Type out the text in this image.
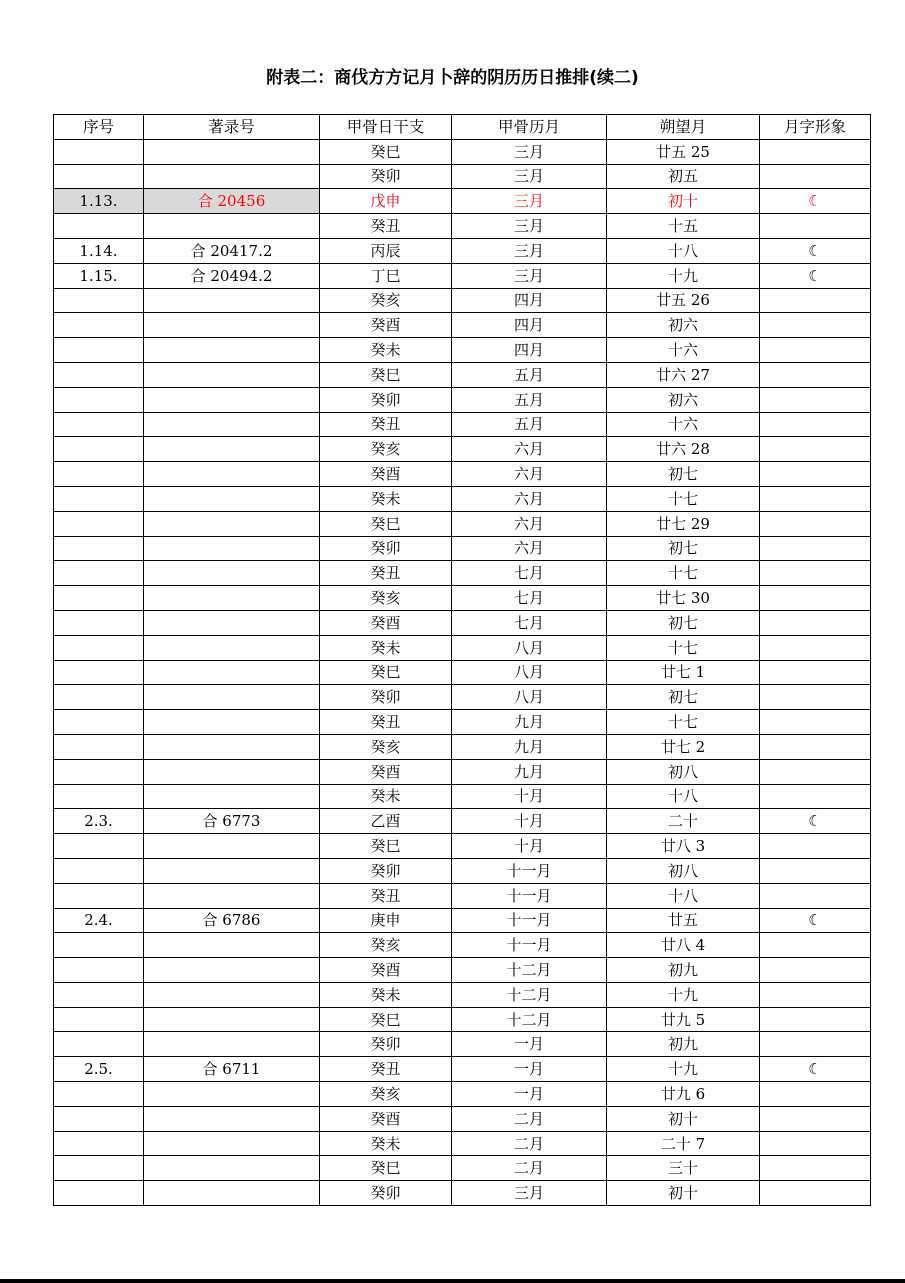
附表二：商伐方方记月卜辞的阴历历日推排(续二)
序号	著录号	甲骨日干支	甲骨历月	朔望月	月字形象
		癸巳	三月	廿五 25	
		癸卯	三月	初五	
1.13.	合 20456	戊申	三月	初十	☾
		癸丑	三月	十五	
1.14.	合 20417.2	丙辰	三月	十八	☾
1.15.	合 20494.2	丁巳	三月	十九	☾
		癸亥	四月	廿五 26	
		癸酉	四月	初六	
		癸未	四月	十六	
		癸巳	五月	廿六 27	
		癸卯	五月	初六	
		癸丑	五月	十六	
		癸亥	六月	廿六 28	
		癸酉	六月	初七	
		癸未	六月	十七	
		癸巳	六月	廿七 29	
		癸卯	六月	初七	
		癸丑	七月	十七	
		癸亥	七月	廿七 30	
		癸酉	七月	初七	
		癸未	八月	十七	
		癸巳	八月	廿七 1	
		癸卯	八月	初七	
		癸丑	九月	十七	
		癸亥	九月	廿七 2	
		癸酉	九月	初八	
		癸未	十月	十八	
2.3.	合 6773	乙酉	十月	二十	☾
		癸巳	十月	廿八 3	
		癸卯	十一月	初八	
		癸丑	十一月	十八	
2.4.	合 6786	庚申	十一月	廿五	☾
		癸亥	十一月	廿八 4	
		癸酉	十二月	初九	
		癸未	十二月	十九	
		癸巳	十二月	廿九 5	
		癸卯	一月	初九	
2.5.	合 6711	癸丑	一月	十九	☾
		癸亥	一月	廿九 6	
		癸酉	二月	初十	
		癸未	二月	二十 7	
		癸巳	二月	三十	
		癸卯	三月	初十	
